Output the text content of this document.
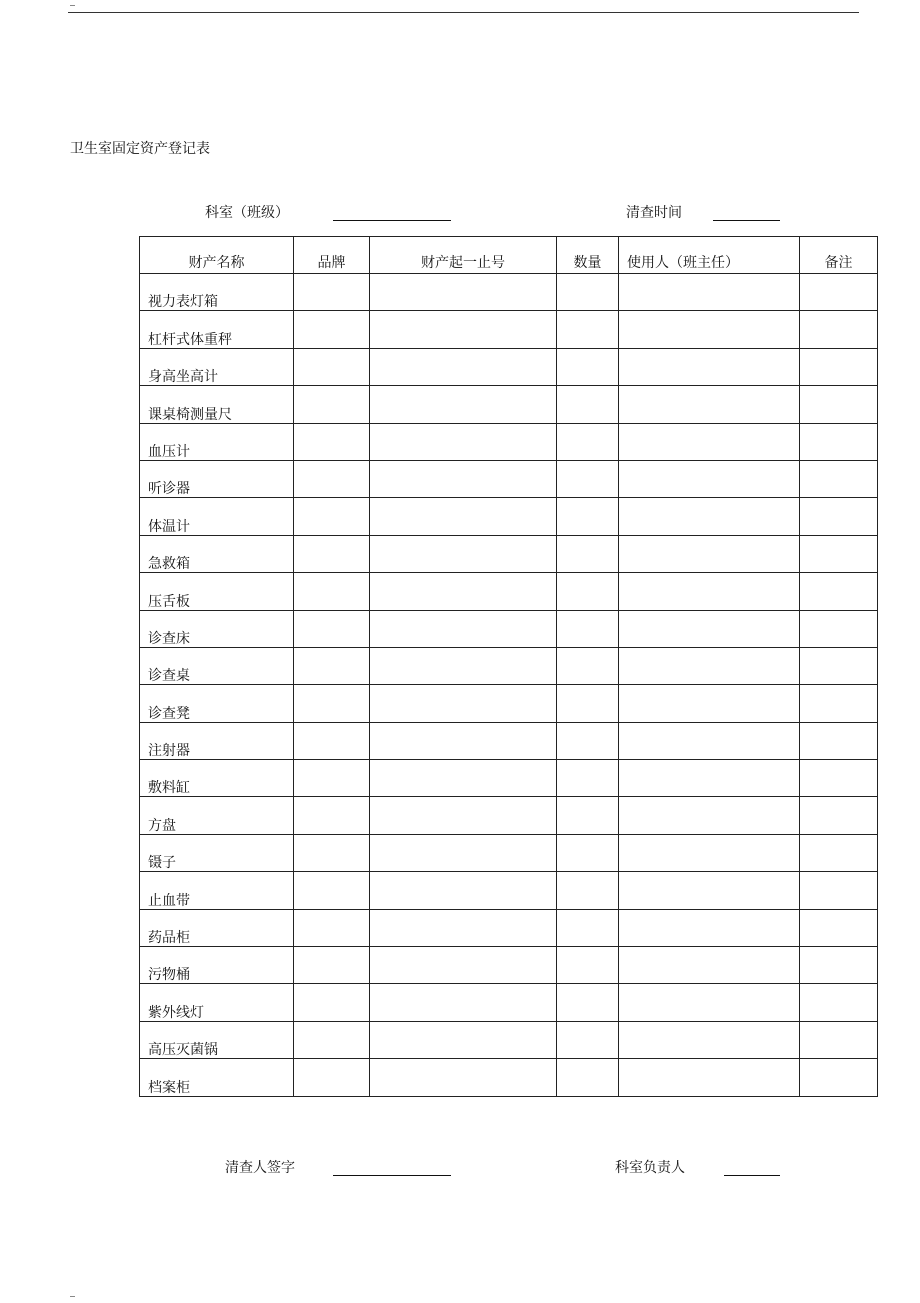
卫生室固定资产登记表
科室（班级）	清查时间
财产名称	品牌	财产起一止号	数量	使用人（班主任）	备注
视力表灯箱					
杠杆式体重秤					
身高坐高计					
课桌椅测量尺					
血压计					
听诊器					
体温计					
急救箱					
压舌板					
诊查床					
诊查桌					
诊查凳					
注射器					
敷料缸					
方盘					
镊子					
止血带					
药品柜					
污物桶					
紫外线灯					
高压灭菌锅					
档案柜					
清查人签字	科室负责人
